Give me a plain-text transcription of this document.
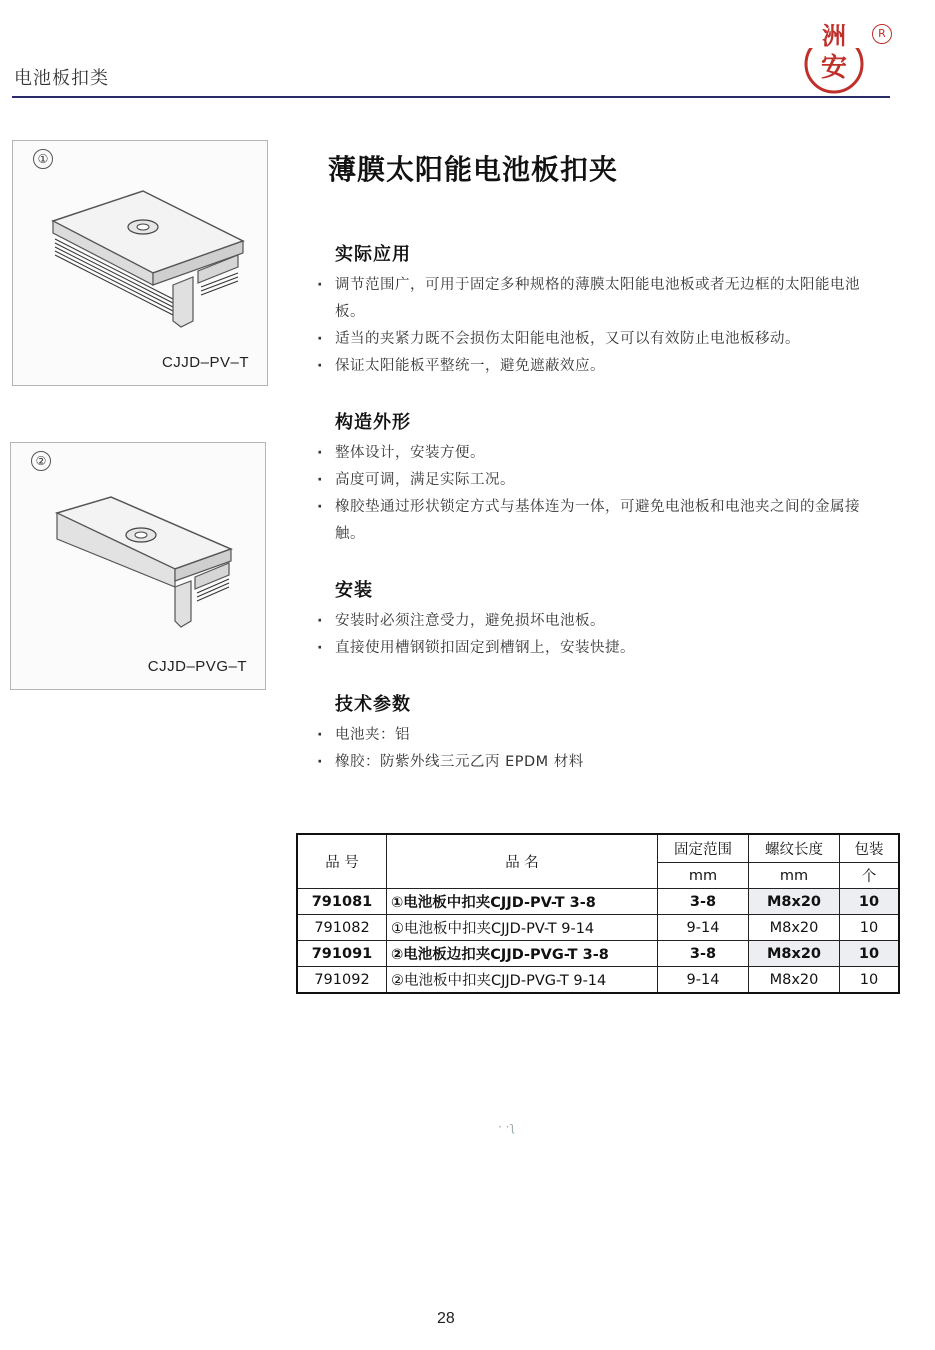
电池板扣类
洲
安
R
①
CJJD–PV–T
②
CJJD–PVG–T
薄膜太阳能电池板扣夹
实际应用
· 调节范围广，可用于固定多种规格的薄膜太阳能电池板或者无边框的太阳能电池板。
· 适当的夹紧力既不会损伤太阳能电池板，又可以有效防止电池板移动。
· 保证太阳能板平整统一，避免遮蔽效应。
构造外形
· 整体设计，安装方便。
· 高度可调，满足实际工况。
· 橡胶垫通过形状锁定方式与基体连为一体，可避免电池板和电池夹之间的金属接触。
安装
· 安装时必须注意受力，避免损坏电池板。
· 直接使用槽钢锁扣固定到槽钢上，安装快捷。
技术参数
· 电池夹：铝
· 橡胶：防紫外线三元乙丙 EPDM 材料
品 号	品 名	固定范围	螺纹长度	包装
		mm	mm	个
791081	①电池板中扣夹CJJD-PV-T 3-8	3-8	M8x20	10
791082	①电池板中扣夹CJJD-PV-T 9-14	9-14	M8x20	10
791091	②电池板边扣夹CJJD-PVG-T 3-8	3-8	M8x20	10
791092	②电池板中扣夹CJJD-PVG-T 9-14	9-14	M8x20	10
· ·ʅ
28
